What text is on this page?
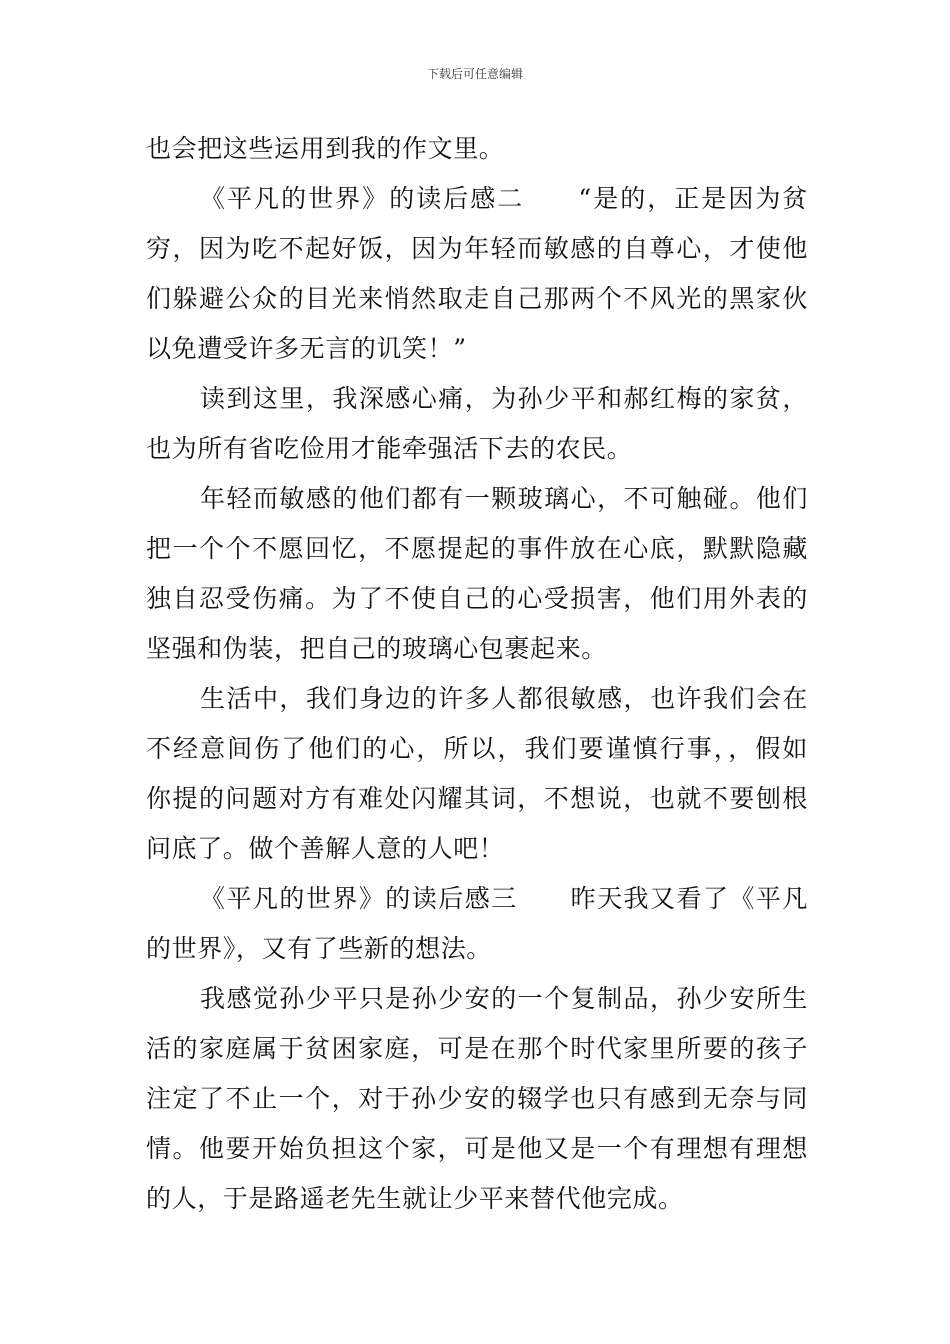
下载后可任意编辑
也会把这些运用到我的作文里。
《平凡的世界》的读后感二　　“是的，正是因为贫
穷，因为吃不起好饭，因为年轻而敏感的自尊心，才使他
们躲避公众的目光来悄然取走自己那两个不风光的黑家伙
以免遭受许多无言的讥笑！”
读到这里，我深感心痛，为孙少平和郝红梅的家贫，
也为所有省吃俭用才能牵强活下去的农民。
年轻而敏感的他们都有一颗玻璃心，不可触碰。他们
把一个个不愿回忆，不愿提起的事件放在心底，默默隐藏
独自忍受伤痛。为了不使自己的心受损害，他们用外表的
坚强和伪装，把自己的玻璃心包裹起来。
生活中，我们身边的许多人都很敏感，也许我们会在
不经意间伤了他们的心，所以，我们要谨慎行事，，假如
你提的问题对方有难处闪耀其词，不想说，也就不要刨根
问底了。做个善解人意的人吧！
《平凡的世界》的读后感三　　昨天我又看了《平凡
的世界》，又有了些新的想法。
我感觉孙少平只是孙少安的一个复制品，孙少安所生
活的家庭属于贫困家庭，可是在那个时代家里所要的孩子
注定了不止一个，对于孙少安的辍学也只有感到无奈与同
情。他要开始负担这个家，可是他又是一个有理想有理想
的人，于是路遥老先生就让少平来替代他完成。
